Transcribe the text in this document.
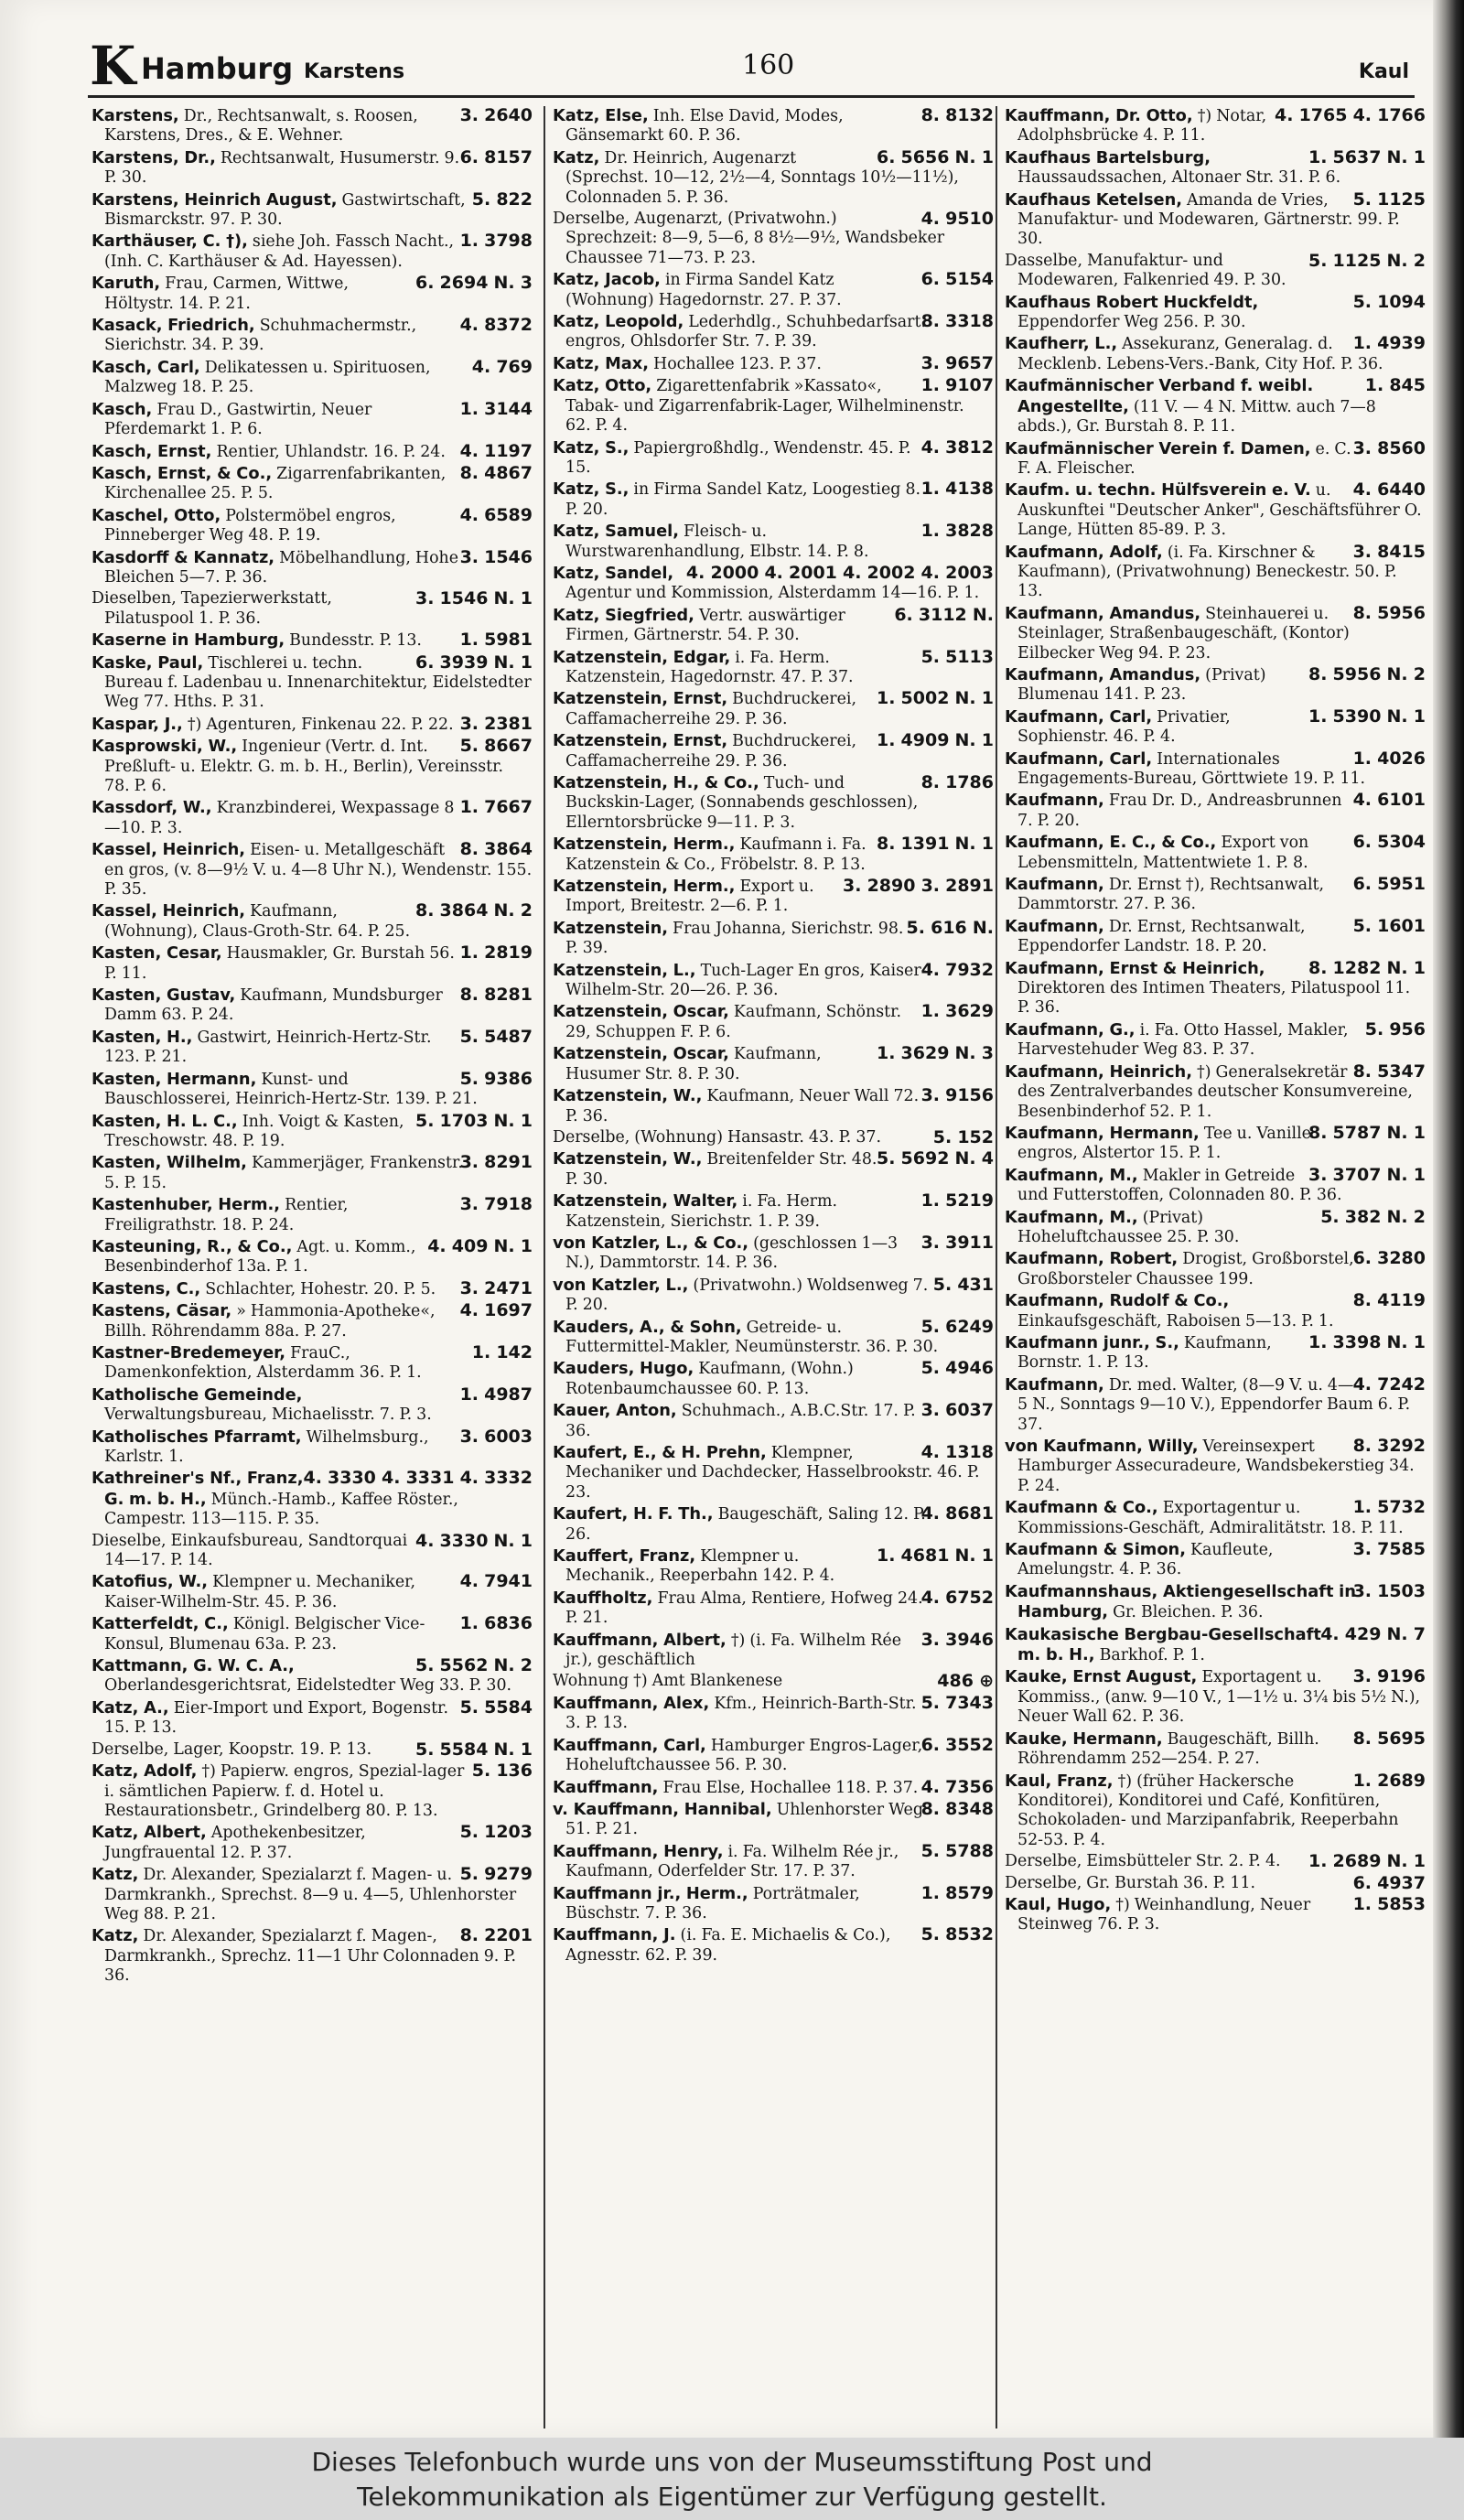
K Hamburg Karstens	160	Kaul
3. 2640
Karstens, Dr., Rechtsanwalt, s. Roosen, Karstens, Dres., & E. Wehner.
6. 8157
Karstens, Dr., Rechtsanwalt, Husumerstr. 9. P. 30.
5. 822
Karstens, Heinrich August, Gastwirtschaft, Bismarckstr. 97. P. 30.
1. 3798
Karthäuser, C. †), siehe Joh. Fassch Nacht., (Inh. C. Karthäuser & Ad. Hayessen).
6. 2694 N. 3
Karuth, Frau, Carmen, Wittwe, Höltystr. 14. P. 21.
4. 8372
Kasack, Friedrich, Schuhmachermstr., Sierichstr. 34. P. 39.
4. 769
Kasch, Carl, Delikatessen u. Spirituosen, Malzweg 18. P. 25.
1. 3144
Kasch, Frau D., Gastwirtin, Neuer Pferdemarkt 1. P. 6.
4. 1197
Kasch, Ernst, Rentier, Uhlandstr. 16. P. 24.
8. 4867
Kasch, Ernst, & Co., Zigarrenfabrikanten, Kirchenallee 25. P. 5.
4. 6589
Kaschel, Otto, Polstermöbel engros, Pinneberger Weg 48. P. 19.
3. 1546
Kasdorff & Kannatz, Möbelhandlung, Hohe Bleichen 5—7. P. 36.
3. 1546 N. 1
Dieselben, Tapezierwerkstatt, Pilatuspool 1. P. 36.
1. 5981
Kaserne in Hamburg, Bundesstr. P. 13.
6. 3939 N. 1
Kaske, Paul, Tischlerei u. techn. Bureau f. Ladenbau u. Innenarchitektur, Eidelstedter Weg 77. Hths. P. 31.
3. 2381
Kaspar, J., †) Agenturen, Finkenau 22. P. 22.
5. 8667
Kasprowski, W., Ingenieur (Vertr. d. Int. Preßluft- u. Elektr. G. m. b. H., Berlin), Vereinsstr. 78. P. 6.
1. 7667
Kassdorf, W., Kranzbinderei, Wexpassage 8—10. P. 3.
8. 3864
Kassel, Heinrich, Eisen- u. Metallgeschäft en gros, (v. 8—9½ V. u. 4—8 Uhr N.), Wendenstr. 155. P. 35.
8. 3864 N. 2
Kassel, Heinrich, Kaufmann, (Wohnung), Claus-Groth-Str. 64. P. 25.
1. 2819
Kasten, Cesar, Hausmakler, Gr. Burstah 56. P. 11.
8. 8281
Kasten, Gustav, Kaufmann, Mundsburger Damm 63. P. 24.
5. 5487
Kasten, H., Gastwirt, Heinrich-Hertz-Str. 123. P. 21.
5. 9386
Kasten, Hermann, Kunst- und Bauschlosserei, Heinrich-Hertz-Str. 139. P. 21.
5. 1703 N. 1
Kasten, H. L. C., Inh. Voigt & Kasten, Treschowstr. 48. P. 19.
3. 8291
Kasten, Wilhelm, Kammerjäger, Frankenstr. 5. P. 15.
3. 7918
Kastenhuber, Herm., Rentier, Freiligrathstr. 18. P. 24.
4. 409 N. 1
Kasteuning, R., & Co., Agt. u. Komm., Besenbinderhof 13a. P. 1.
3. 2471
Kastens, C., Schlachter, Hohestr. 20. P. 5.
4. 1697
Kastens, Cäsar, » Hammonia-Apotheke«, Billh. Röhrendamm 88a. P. 27.
1. 142
Kastner-Bredemeyer, FrauC., Damenkonfektion, Alsterdamm 36. P. 1.
1. 4987
Katholische Gemeinde, Verwaltungsbureau, Michaelisstr. 7. P. 3.
3. 6003
Katholisches Pfarramt, Wilhelmsburg., Karlstr. 1.
4. 3330 4. 3331 4. 3332
Kathreiner's Nf., Franz, G. m. b. H., Münch.-Hamb., Kaffee Röster., Campestr. 113—115. P. 35.
4. 3330 N. 1
Dieselbe, Einkaufsbureau, Sandtorquai 14—17. P. 14.
4. 7941
Katofius, W., Klempner u. Mechaniker, Kaiser-Wilhelm-Str. 45. P. 36.
1. 6836
Katterfeldt, C., Königl. Belgischer Vice-Konsul, Blumenau 63a. P. 23.
5. 5562 N. 2
Kattmann, G. W. C. A., Oberlandesgerichtsrat, Eidelstedter Weg 33. P. 30.
5. 5584
Katz, A., Eier-Import und Export, Bogenstr. 15. P. 13.
5. 5584 N. 1
Derselbe, Lager, Koopstr. 19. P. 13.
5. 136
Katz, Adolf, †) Papierw. engros, Spezial-lager i. sämtlichen Papierw. f. d. Hotel u. Restaurationsbetr., Grindelberg 80. P. 13.
5. 1203
Katz, Albert, Apothekenbesitzer, Jungfrauental 12. P. 37.
5. 9279
Katz, Dr. Alexander, Spezialarzt f. Magen- u. Darmkrankh., Sprechst. 8—9 u. 4—5, Uhlenhorster Weg 88. P. 21.
8. 2201
Katz, Dr. Alexander, Spezialarzt f. Magen-, Darmkrankh., Sprechz. 11—1 Uhr Colonnaden 9. P. 36.
8. 8132
Katz, Else, Inh. Else David, Modes, Gänsemarkt 60. P. 36.
6. 5656 N. 1
Katz, Dr. Heinrich, Augenarzt (Sprechst. 10—12, 2½—4, Sonntags 10½—11½), Colonnaden 5. P. 36.
4. 9510
Derselbe, Augenarzt, (Privatwohn.) Sprechzeit: 8—9, 5—6, 8 8½—9½, Wandsbeker Chaussee 71—73. P. 23.
6. 5154
Katz, Jacob, in Firma Sandel Katz (Wohnung) Hagedornstr. 27. P. 37.
8. 3318
Katz, Leopold, Lederhdlg., Schuhbedarfsart. engros, Ohlsdorfer Str. 7. P. 39.
3. 9657
Katz, Max, Hochallee 123. P. 37.
1. 9107
Katz, Otto, Zigarettenfabrik »Kassato«, Tabak- und Zigarrenfabrik-Lager, Wilhelminenstr. 62. P. 4.
4. 3812
Katz, S., Papiergroßhdlg., Wendenstr. 45. P. 15.
1. 4138
Katz, S., in Firma Sandel Katz, Loogestieg 8. P. 20.
1. 3828
Katz, Samuel, Fleisch- u. Wurstwarenhandlung, Elbstr. 14. P. 8.
4. 2000 4. 2001 4. 2002 4. 2003
Katz, Sandel, Agentur und Kommission, Alsterdamm 14—16. P. 1.
6. 3112 N.
Katz, Siegfried, Vertr. auswärtiger Firmen, Gärtnerstr. 54. P. 30.
5. 5113
Katzenstein, Edgar, i. Fa. Herm. Katzenstein, Hagedornstr. 47. P. 37.
1. 5002 N. 1
Katzenstein, Ernst, Buchdruckerei, Caffamacherreihe 29. P. 36.
1. 4909 N. 1
Katzenstein, Ernst, Buchdruckerei, Caffamacherreihe 29. P. 36.
8. 1786
Katzenstein, H., & Co., Tuch- und Buckskin-Lager, (Sonnabends geschlossen), Ellerntorsbrücke 9—11. P. 3.
8. 1391 N. 1
Katzenstein, Herm., Kaufmann i. Fa. Katzenstein & Co., Fröbelstr. 8. P. 13.
3. 2890 3. 2891
Katzenstein, Herm., Export u. Import, Breitestr. 2—6. P. 1.
5. 616 N.
Katzenstein, Frau Johanna, Sierichstr. 98. P. 39.
4. 7932
Katzenstein, L., Tuch-Lager En gros, Kaiser-Wilhelm-Str. 20—26. P. 36.
1. 3629
Katzenstein, Oscar, Kaufmann, Schönstr. 29, Schuppen F. P. 6.
1. 3629 N. 3
Katzenstein, Oscar, Kaufmann, Husumer Str. 8. P. 30.
3. 9156
Katzenstein, W., Kaufmann, Neuer Wall 72. P. 36.
5. 152
Derselbe, (Wohnung) Hansastr. 43. P. 37.
5. 5692 N. 4
Katzenstein, W., Breitenfelder Str. 48. P. 30.
1. 5219
Katzenstein, Walter, i. Fa. Herm. Katzenstein, Sierichstr. 1. P. 39.
3. 3911
von Katzler, L., & Co., (geschlossen 1—3 N.), Dammtorstr. 14. P. 36.
5. 431
von Katzler, L., (Privatwohn.) Woldsenweg 7. P. 20.
5. 6249
Kauders, A., & Sohn, Getreide- u. Futtermittel-Makler, Neumünsterstr. 36. P. 30.
5. 4946
Kauders, Hugo, Kaufmann, (Wohn.) Rotenbaumchaussee 60. P. 13.
3. 6037
Kauer, Anton, Schuhmach., A.B.C.Str. 17. P. 36.
4. 1318
Kaufert, E., & H. Prehn, Klempner, Mechaniker und Dachdecker, Hasselbrookstr. 46. P. 23.
4. 8681
Kaufert, H. F. Th., Baugeschäft, Saling 12. P. 26.
1. 4681 N. 1
Kauffert, Franz, Klempner u. Mechanik., Reeperbahn 142. P. 4.
4. 6752
Kauffholtz, Frau Alma, Rentiere, Hofweg 24. P. 21.
3. 3946
Kauffmann, Albert, †) (i. Fa. Wilhelm Rée jr.), geschäftlich
486 ⊕
Wohnung †) Amt Blankenese
5. 7343
Kauffmann, Alex, Kfm., Heinrich-Barth-Str. 3. P. 13.
6. 3552
Kauffmann, Carl, Hamburger Engros-Lager, Hoheluftchaussee 56. P. 30.
4. 7356
Kauffmann, Frau Else, Hochallee 118. P. 37.
8. 8348
v. Kauffmann, Hannibal, Uhlenhorster Weg 51. P. 21.
5. 5788
Kauffmann, Henry, i. Fa. Wilhelm Rée jr., Kaufmann, Oderfelder Str. 17. P. 37.
1. 8579
Kauffmann jr., Herm., Porträtmaler, Büschstr. 7. P. 36.
5. 8532
Kauffmann, J. (i. Fa. E. Michaelis & Co.), Agnesstr. 62. P. 39.
4. 1765 4. 1766
Kauffmann, Dr. Otto, †) Notar, Adolphsbrücke 4. P. 11.
1. 5637 N. 1
Kaufhaus Bartelsburg, Haussaudssachen, Altonaer Str. 31. P. 6.
5. 1125
Kaufhaus Ketelsen, Amanda de Vries, Manufaktur- und Modewaren, Gärtnerstr. 99. P. 30.
5. 1125 N. 2
Dasselbe, Manufaktur- und Modewaren, Falkenried 49. P. 30.
5. 1094
Kaufhaus Robert Huckfeldt, Eppendorfer Weg 256. P. 30.
1. 4939
Kaufherr, L., Assekuranz, Generalag. d. Mecklenb. Lebens-Vers.-Bank, City Hof. P. 36.
1. 845
Kaufmännischer Verband f. weibl. Angestellte, (11 V. — 4 N. Mittw. auch 7—8 abds.), Gr. Burstah 8. P. 11.
3. 8560
Kaufmännischer Verein f. Damen, e. C. F. A. Fleischer.
4. 6440
Kaufm. u. techn. Hülfsverein e. V. u. Auskunftei "Deutscher Anker", Geschäftsführer O. Lange, Hütten 85-89. P. 3.
3. 8415
Kaufmann, Adolf, (i. Fa. Kirschner & Kaufmann), (Privatwohnung) Beneckestr. 50. P. 13.
8. 5956
Kaufmann, Amandus, Steinhauerei u. Steinlager, Straßenbaugeschäft, (Kontor) Eilbecker Weg 94. P. 23.
8. 5956 N. 2
Kaufmann, Amandus, (Privat) Blumenau 141. P. 23.
1. 5390 N. 1
Kaufmann, Carl, Privatier, Sophienstr. 46. P. 4.
1. 4026
Kaufmann, Carl, Internationales Engagements-Bureau, Görttwiete 19. P. 11.
4. 6101
Kaufmann, Frau Dr. D., Andreasbrunnen 7. P. 20.
6. 5304
Kaufmann, E. C., & Co., Export von Lebensmitteln, Mattentwiete 1. P. 8.
6. 5951
Kaufmann, Dr. Ernst †), Rechtsanwalt, Dammtorstr. 27. P. 36.
5. 1601
Kaufmann, Dr. Ernst, Rechtsanwalt, Eppendorfer Landstr. 18. P. 20.
8. 1282 N. 1
Kaufmann, Ernst & Heinrich, Direktoren des Intimen Theaters, Pilatuspool 11. P. 36.
5. 956
Kaufmann, G., i. Fa. Otto Hassel, Makler, Harvestehuder Weg 83. P. 37.
8. 5347
Kaufmann, Heinrich, †) Generalsekretär des Zentralverbandes deutscher Konsumvereine, Besenbinderhof 52. P. 1.
8. 5787 N. 1
Kaufmann, Hermann, Tee u. Vanille engros, Alstertor 15. P. 1.
3. 3707 N. 1
Kaufmann, M., Makler in Getreide und Futterstoffen, Colonnaden 80. P. 36.
5. 382 N. 2
Kaufmann, M., (Privat) Hoheluftchaussee 25. P. 30.
6. 3280
Kaufmann, Robert, Drogist, Großborstel, Großborsteler Chaussee 199.
8. 4119
Kaufmann, Rudolf & Co., Einkaufsgeschäft, Raboisen 5—13. P. 1.
1. 3398 N. 1
Kaufmann junr., S., Kaufmann, Bornstr. 1. P. 13.
4. 7242
Kaufmann, Dr. med. Walter, (8—9 V. u. 4—5 N., Sonntags 9—10 V.), Eppendorfer Baum 6. P. 37.
8. 3292
von Kaufmann, Willy, Vereinsexpert Hamburger Assecuradeure, Wandsbekerstieg 34. P. 24.
1. 5732
Kaufmann & Co., Exportagentur u. Kommissions-Geschäft, Admiralitätstr. 18. P. 11.
3. 7585
Kaufmann & Simon, Kaufleute, Amelungstr. 4. P. 36.
3. 1503
Kaufmannshaus, Aktiengesellschaft in Hamburg, Gr. Bleichen. P. 36.
4. 429 N. 7
Kaukasische Bergbau-Gesellschaft m. b. H., Barkhof. P. 1.
3. 9196
Kauke, Ernst August, Exportagent u. Kommiss., (anw. 9—10 V., 1—1½ u. 3¼ bis 5½ N.), Neuer Wall 62. P. 36.
8. 5695
Kauke, Hermann, Baugeschäft, Billh. Röhrendamm 252—254. P. 27.
1. 2689
Kaul, Franz, †) (früher Hackersche Konditorei), Konditorei und Café, Konfitüren, Schokoladen- und Marzipanfabrik, Reeperbahn 52-53. P. 4.
1. 2689 N. 1
Derselbe, Eimsbütteler Str. 2. P. 4.
6. 4937
Derselbe, Gr. Burstah 36. P. 11.
1. 5853
Kaul, Hugo, †) Weinhandlung, Neuer Steinweg 76. P. 3.
Dieses Telefonbuch wurde uns von der Museumsstiftung Post und
Telekommunikation als Eigentümer zur Verfügung gestellt.
